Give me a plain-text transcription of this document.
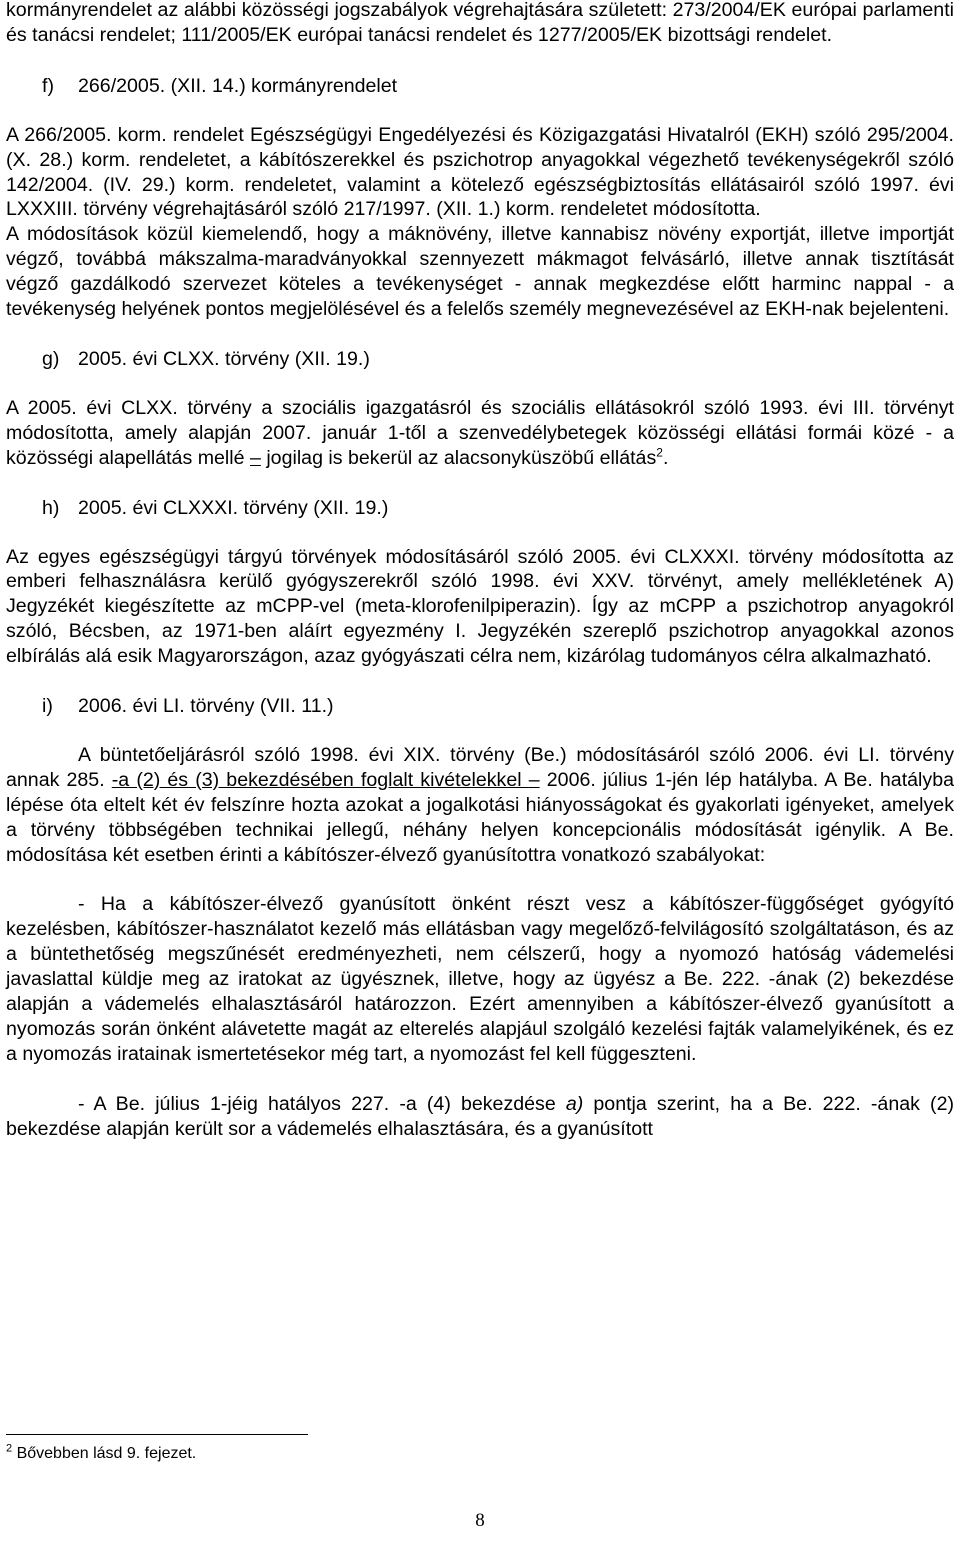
kormányrendelet az alábbi közösségi jogszabályok végrehajtására született: 273/2004/EK európai parlamenti és tanácsi rendelet; 111/2005/EK európai tanácsi rendelet és 1277/2005/EK bizottsági rendelet.

f)	266/2005. (XII. 14.) kormányrendelet

A 266/2005. korm. rendelet Egészségügyi Engedélyezési és Közigazgatási Hivatalról (EKH) szóló 295/2004. (X. 28.) korm. rendeletet, a kábítószerekkel és pszichotrop anyagokkal végezhető tevékenységekről szóló 142/2004. (IV. 29.) korm. rendeletet, valamint a kötelező egészségbiztosítás ellátásairól szóló 1997. évi LXXXIII. törvény végrehajtásáról szóló 217/1997. (XII. 1.) korm. rendeletet módosította.

A módosítások közül kiemelendő, hogy a máknövény, illetve kannabisz növény exportját, illetve importját végző, továbbá mákszalma-maradványokkal szennyezett mákmagot felvásárló, illetve annak tisztítását végző gazdálkodó szervezet köteles a tevékenységet - annak megkezdése előtt harminc nappal - a tevékenység helyének pontos megjelölésével és a felelős személy megnevezésével az EKH-nak bejelenteni.

g) 2005. évi CLXX. törvény (XII. 19.)

A 2005. évi CLXX. törvény a szociális igazgatásról és szociális ellátásokról szóló 1993. évi III. törvényt módosította, amely alapján 2007. január 1-től a szenvedélybetegek közösségi ellátási formái közé - a közösségi alapellátás mellé – jogilag is bekerül az alacsonyküszöbű ellátás$^2$.

h) 2005. évi CLXXXI. törvény (XII. 19.)

Az egyes egészségügyi tárgyú törvények módosításáról szóló 2005. évi CLXXXI. törvény módosította az emberi felhasználásra kerülő gyógyszerekről szóló 1998. évi XXV. törvényt, amely mellékletének A) Jegyzékét kiegészítette az mCPP-vel (meta-klorofenilpiperazin). Így az mCPP a pszichotrop anyagokról szóló, Bécsben, az 1971-ben aláírt egyezmény I. Jegyzékén szereplő pszichotrop anyagokkal azonos elbírálás alá esik Magyarországon, azaz gyógyászati célra nem, kizárólag tudományos célra alkalmazható.

i)	2006. évi LI. törvény (VII. 11.)

A büntetőeljárásról szóló 1998. évi XIX. törvény (Be.) módosításáról szóló 2006. évi LI. törvény annak 285. -a (2) és (3) bekezdésében foglalt kivételekkel – 2006. július 1-jén lép hatályba. A Be. hatályba lépése óta eltelt két év felszínre hozta azokat a jogalkotási hiányosságokat és gyakorlati igényeket, amelyek a törvény többségében technikai jellegű, néhány helyen koncepcionális módosítását igénylik. A Be. módosítása két esetben érinti a kábítószer-élvező gyanúsítottra vonatkozó szabályokat:

- Ha a kábítószer-élvező gyanúsított önként részt vesz a kábítószer-függőséget gyógyító kezelésben, kábítószer-használatot kezelő más ellátásban vagy megelőző-felvilágosító szolgáltatáson, és az a büntethetőség megszűnését eredményezheti, nem célszerű, hogy a nyomozó hatóság vádemelési javaslattal küldje meg az iratokat az ügyésznek, illetve, hogy az ügyész a Be. 222. -ának (2) bekezdése alapján a vádemelés elhalasztásáról határozzon. Ezért amennyiben a kábítószer-élvező gyanúsított a nyomozás során önként alávetette magát az elterelés alapjául szolgáló kezelési fajták valamelyikének, és ez a nyomozás iratainak ismertetésekor még tart, a nyomozást fel kell függeszteni.

- A Be. július 1-jéig hatályos 227. -a (4) bekezdése a) pontja szerint, ha a Be. 222. -ának (2) bekezdése alapján került sor a vádemelés elhalasztására, és a gyanúsított

$^2$ Bővebben lásd 9. fejezet.

8
